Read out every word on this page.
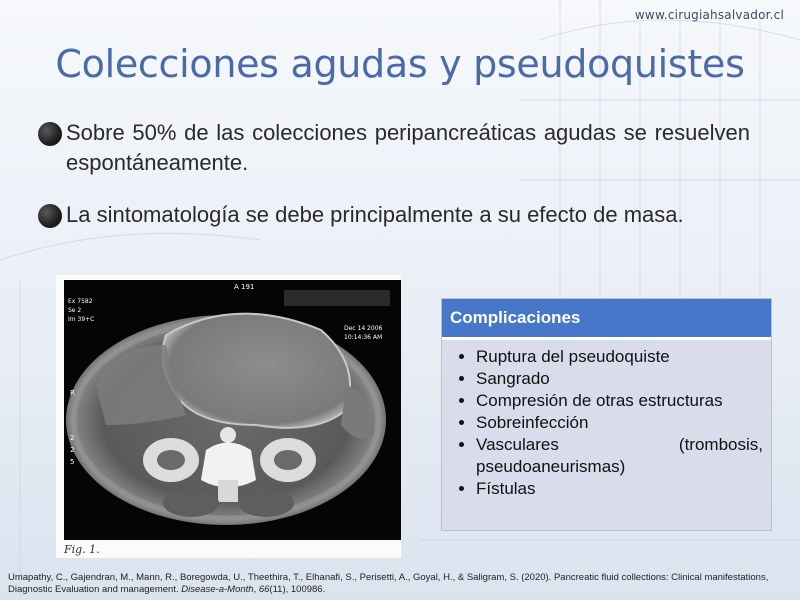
www.cirugiahsalvador.cl
Colecciones agudas y pseudoquistes
Sobre 50% de las colecciones peripancreáticas agudas se resuelven espontáneamente.
La sintomatología se debe principalmente a su efecto de masa.
A 191
Ex 7582
Se 2
Im 39+C
Dec 14 2006
10:14:36 AM
R
2
2
5
Fig. 1.
Complicaciones
• Ruptura del pseudoquiste
• Sangrado
• Compresión de otras estructuras
• Sobreinfección
• Vasculares (trombosis, pseudoaneurismas)
• Fístulas
Umapathy, C., Gajendran, M., Mann, R., Boregowda, U., Theethira, T., Elhanafi, S., Perisetti, A., Goyal, H., & Saligram, S. (2020). Pancreatic fluid collections: Clinical manifestations, Diagnostic Evaluation and management. Disease-a-Month, 66(11), 100986.
